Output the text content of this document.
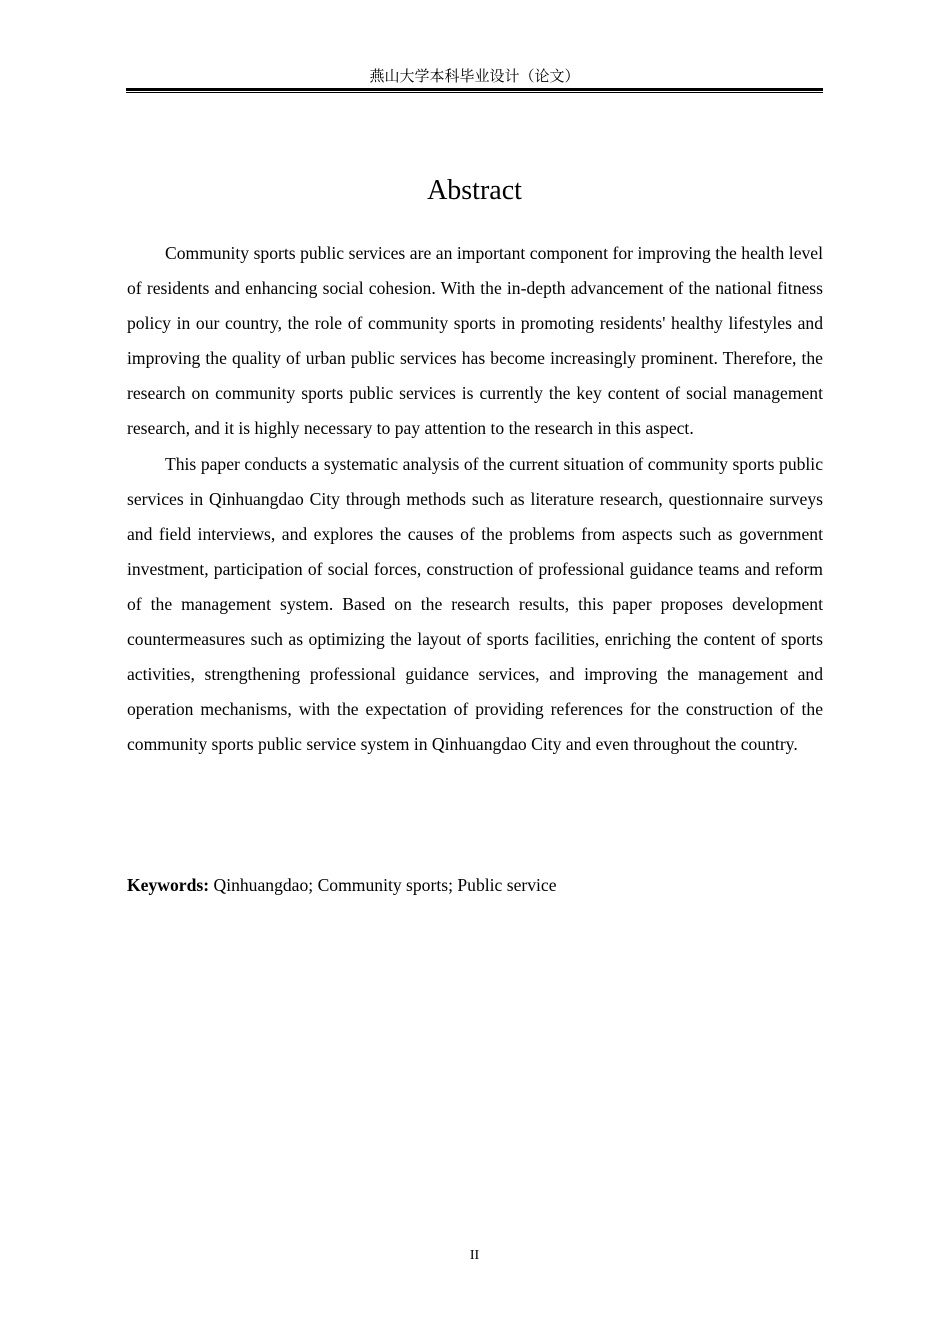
燕山大学本科毕业设计（论文）
Abstract

Community sports public services are an important component for improving the health level of residents and enhancing social cohesion. With the in-depth advancement of the national fitness policy in our country, the role of community sports in promoting residents' healthy lifestyles and improving the quality of urban public services has become increasingly prominent. Therefore, the research on community sports public services is currently the key content of social management research, and it is highly necessary to pay attention to the research in this aspect.

This paper conducts a systematic analysis of the current situation of community sports public services in Qinhuangdao City through methods such as literature research, questionnaire surveys and field interviews, and explores the causes of the problems from aspects such as government investment, participation of social forces, construction of professional guidance teams and reform of the management system. Based on the research results, this paper proposes development countermeasures such as optimizing the layout of sports facilities, enriching the content of sports activities, strengthening professional guidance services, and improving the management and operation mechanisms, with the expectation of providing references for the construction of the community sports public service system in Qinhuangdao City and even throughout the country.

Keywords: Qinhuangdao; Community sports; Public service

II
